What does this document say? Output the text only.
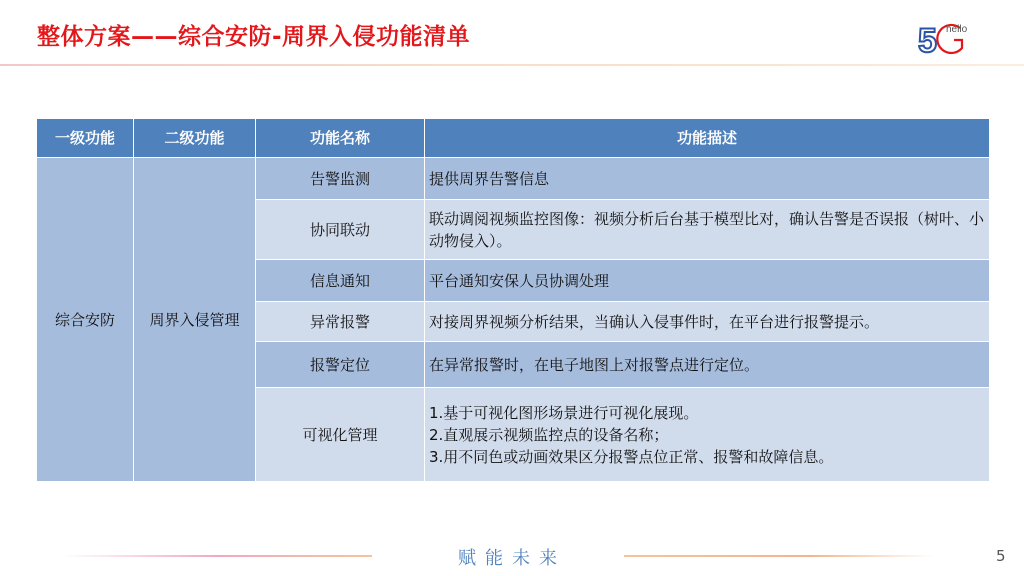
整体方案——综合安防-周界入侵功能清单	5 hello
一级功能	二级功能	功能名称	功能描述
综合安防	周界入侵管理	告警监测	提供周界告警信息
		协同联动	联动调阅视频监控图像：视频分析后台基于模型比对，确认告警是否误报（树叶、小动物侵入）。
		信息通知	平台通知安保人员协调处理
		异常报警	对接周界视频分析结果，当确认入侵事件时，在平台进行报警提示。
		报警定位	在异常报警时，在电子地图上对报警点进行定位。
		可视化管理	1.基于可视化图形场景进行可视化展现。
2.直观展示视频监控点的设备名称；
3.用不同色或动画效果区分报警点位正常、报警和故障信息。
赋能未来	5
